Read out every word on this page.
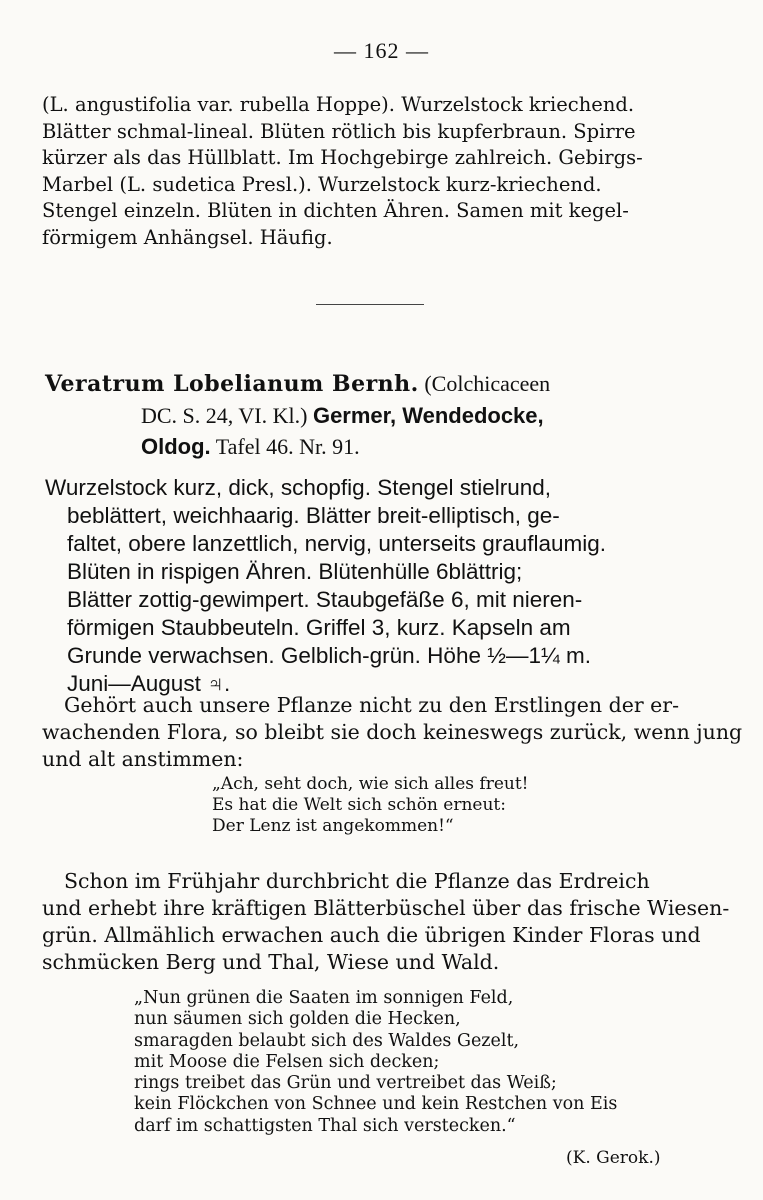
— 162 —
(L. angustifolia var. rubella Hoppe). Wurzelstock kriechend.
Blätter schmal-lineal. Blüten rötlich bis kupferbraun. Spirre
kürzer als das Hüllblatt. Im Hochgebirge zahlreich. Gebirgs-
Marbel (L. sudetica Presl.). Wurzelstock kurz-kriechend.
Stengel einzeln. Blüten in dichten Ähren. Samen mit kegel-
förmigem Anhängsel. Häufig.
Veratrum Lobelianum Bernh. (Colchicaceen
DC. S. 24, VI. Kl.) Germer, Wendedocke,
Oldog. Tafel 46. Nr. 91.
Wurzelstock kurz, dick, schopfig. Stengel stielrund,
beblättert, weichhaarig. Blätter breit-elliptisch, ge-
faltet, obere lanzettlich, nervig, unterseits grauflaumig.
Blüten in rispigen Ähren. Blütenhülle 6blättrig;
Blätter zottig-gewimpert. Staubgefäße 6, mit nieren-
förmigen Staubbeuteln. Griffel 3, kurz. Kapseln am
Grunde verwachsen. Gelblich-grün. Höhe ½—1¼ m.
Juni—August ♃.
Gehört auch unsere Pflanze nicht zu den Erstlingen der er-
wachenden Flora, so bleibt sie doch keineswegs zurück, wenn jung
und alt anstimmen:
„Ach, seht doch, wie sich alles freut!
Es hat die Welt sich schön erneut:
Der Lenz ist angekommen!“
Schon im Frühjahr durchbricht die Pflanze das Erdreich
und erhebt ihre kräftigen Blätterbüschel über das frische Wiesen-
grün. Allmählich erwachen auch die übrigen Kinder Floras und
schmücken Berg und Thal, Wiese und Wald.
„Nun grünen die Saaten im sonnigen Feld,
nun säumen sich golden die Hecken,
smaragden belaubt sich des Waldes Gezelt,
mit Moose die Felsen sich decken;
rings treibet das Grün und vertreibet das Weiß;
kein Flöckchen von Schnee und kein Restchen von Eis
darf im schattigsten Thal sich verstecken.“
(K. Gerok.)
